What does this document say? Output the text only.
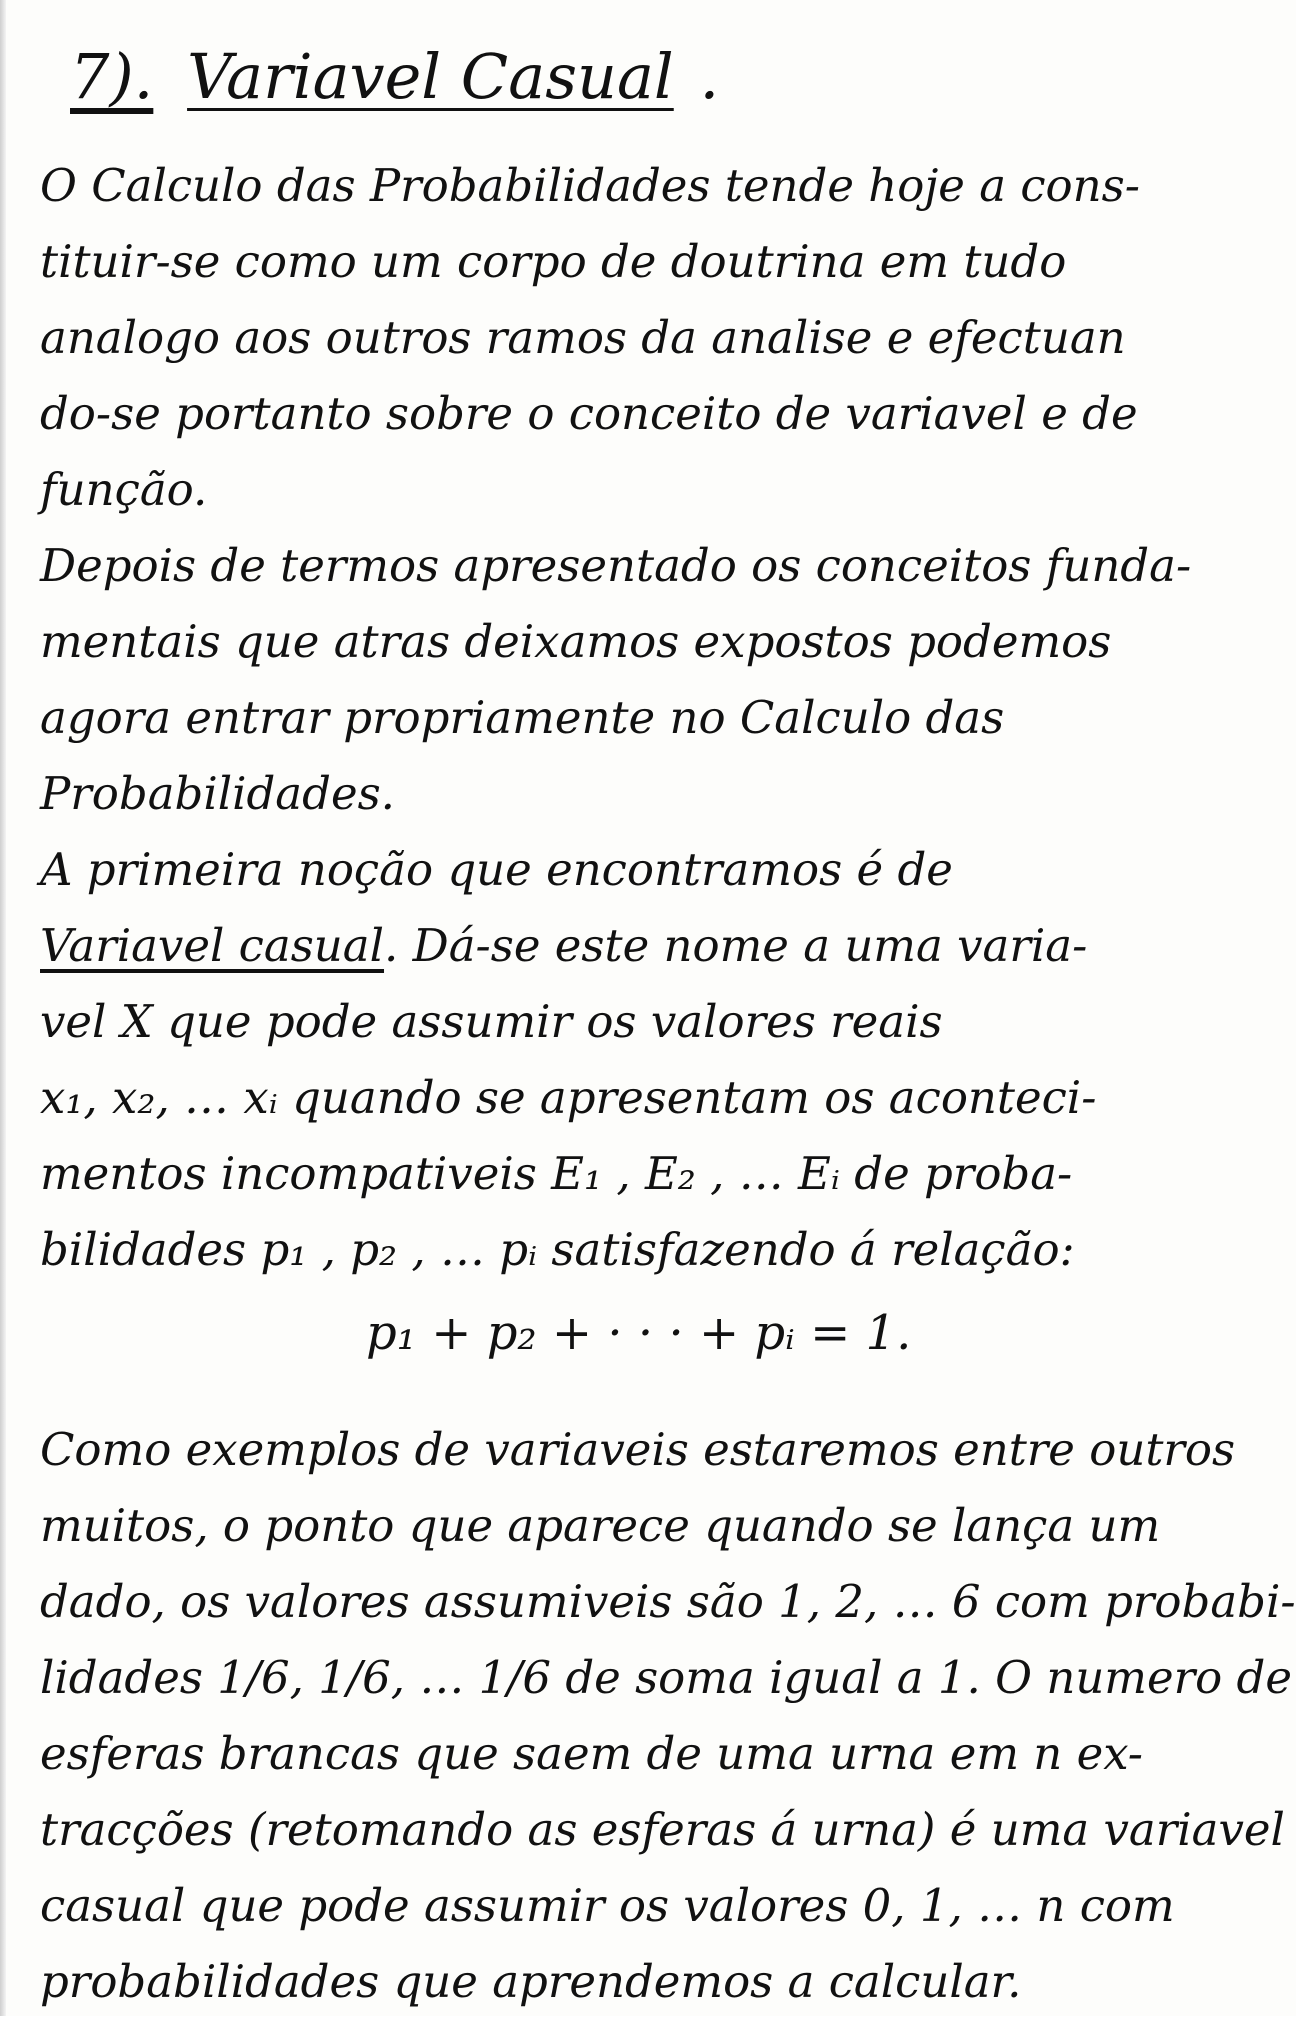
7). Variavel Casual .

O Calculo das Probabilidades tende hoje a cons-
tituir-se como um corpo de doutrina em tudo
analogo aos outros ramos da analise e efectuan
do-se portanto sobre o conceito de variavel e de
função.

Depois de termos apresentado os conceitos funda-
mentais que atras deixamos expostos podemos
agora entrar propriamente no Calculo das
Probabilidades.

A primeira noção que encontramos é de
Variavel casual. Dá-se este nome a uma varia-
vel X que pode assumir os valores reais
x₁, x₂, … xᵢ quando se apresentam os aconteci-
mentos incompativeis E₁ , E₂ , … Eᵢ de proba-
bilidades p₁ , p₂ , … pᵢ satisfazendo á relação:
p₁ + p₂ + · · · + pᵢ = 1.

Como exemplos de variaveis estaremos entre outros
muitos, o ponto que aparece quando se lança um
dado, os valores assumiveis são 1, 2, … 6 com probabi-
lidades 1/6, 1/6, … 1/6 de soma igual a 1. O numero de
esferas brancas que saem de uma urna em n ex-
tracções (retomando as esferas á urna) é uma variavel
casual que pode assumir os valores 0, 1, … n com
probabilidades que aprendemos a calcular.
